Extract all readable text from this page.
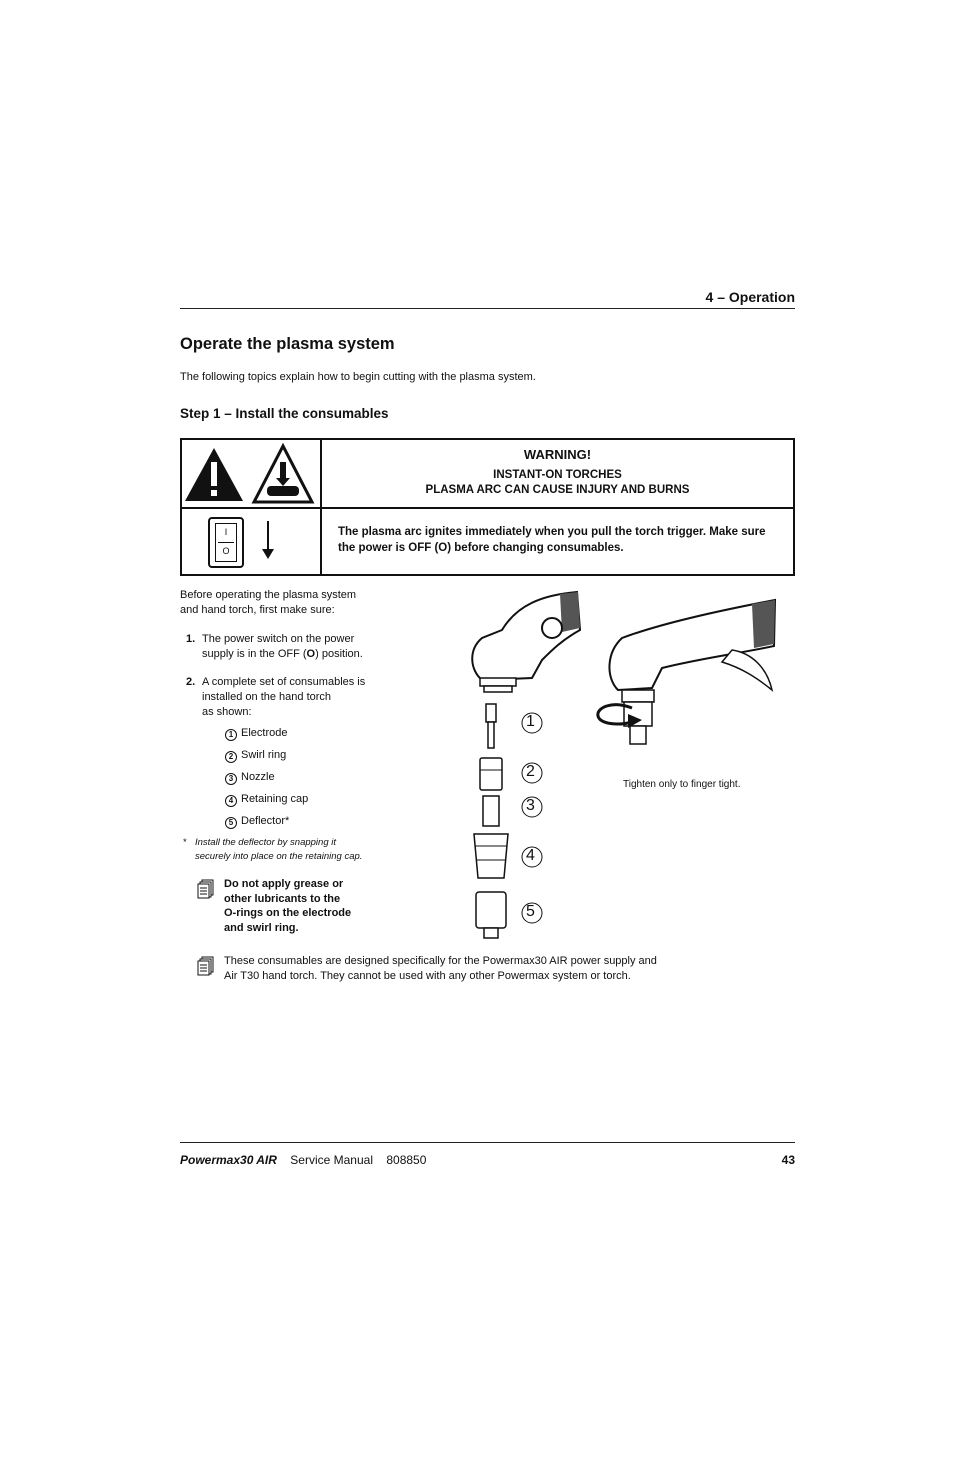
4 – Operation
Operate the plasma system
The following topics explain how to begin cutting with the plasma system.
Step 1 – Install the consumables
WARNING!
INSTANT-ON TORCHES
PLASMA ARC CAN CAUSE INJURY AND BURNS
I
O
The plasma arc ignites immediately when you pull the torch trigger. Make sure the power is OFF (O) before changing consumables.
Before operating the plasma system
and hand torch, first make sure:
1. The power switch on the power
supply is in the OFF (O) position.
2. A complete set of consumables is
installed on the hand torch
as shown:
1 Electrode
2 Swirl ring
3 Nozzle
4 Retaining cap
5 Deflector*
* Install the deflector by snapping it
securely into place on the retaining cap.
Do not apply grease or
other lubricants to the
O-rings on the electrode
and swirl ring.
These consumables are designed specifically for the Powermax30 AIR power supply and
Air T30 hand torch. They cannot be used with any other Powermax system or torch.
1
2
3
4
5
Tighten only to finger tight.
Powermax30 AIR Service Manual 808850	43
